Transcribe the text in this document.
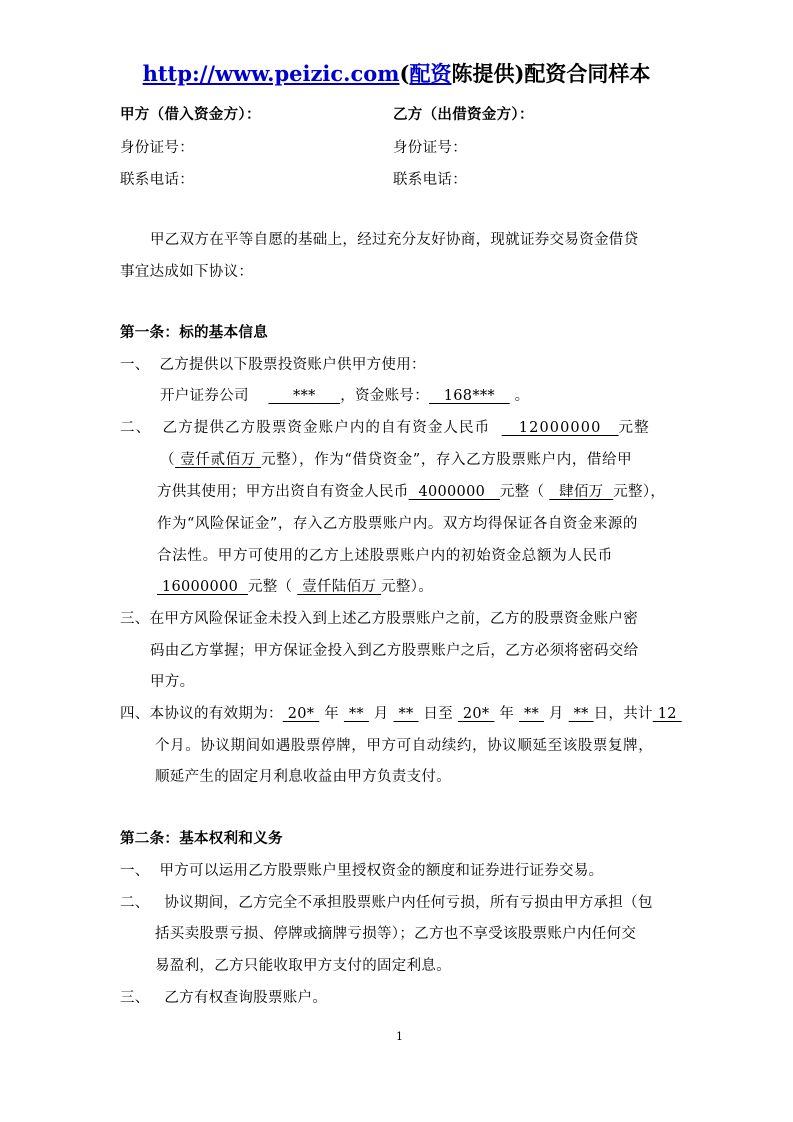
http://www.peizic.com(配资陈提供)配资合同样本
甲方（借入资金方）：	乙方（出借资金方）：
身份证号：	身份证号：
联系电话：	联系电话：
甲乙双方在平等自愿的基础上，经过充分友好协商，现就证券交易资金借贷
事宜达成如下协议：
第一条：标的基本信息
一、 乙方提供以下股票投资账户供甲方使用：
开户证券公司	*** ，资金账号： 168*** 。
二、 乙方提供乙方股票资金账户内的自有资金人民币 12000000 元整
（ 壹仟贰佰万 元整），作为“借贷资金”，存入乙方股票账户内，借给甲
方供其使用；甲方出资自有资金人民币 4000000 元整（ 肆佰万 元整），
作为“风险保证金”，存入乙方股票账户内。双方均得保证各自资金来源的
合法性。甲方可使用的乙方上述股票账户内的初始资金总额为人民币
16000000 元整（ 壹仟陆佰万 元整）。
三、在甲方风险保证金未投入到上述乙方股票账户之前，乙方的股票资金账户密
码由乙方掌握；甲方保证金投入到乙方股票账户之后，乙方必须将密码交给
甲方。
四、本协议的有效期为： 20* 年 ** 月 ** 日至 20* 年 ** 月 ** 日，共计 12
个月。协议期间如遇股票停牌，甲方可自动续约，协议顺延至该股票复牌，
顺延产生的固定月利息收益由甲方负责支付。
第二条：基本权利和义务
一、 甲方可以运用乙方股票账户里授权资金的额度和证券进行证券交易。
二、 协议期间，乙方完全不承担股票账户内任何亏损，所有亏损由甲方承担（包
括买卖股票亏损、停牌或摘牌亏损等）；乙方也不享受该股票账户内任何交
易盈利，乙方只能收取甲方支付的固定利息。
三、 乙方有权查询股票账户。
1
